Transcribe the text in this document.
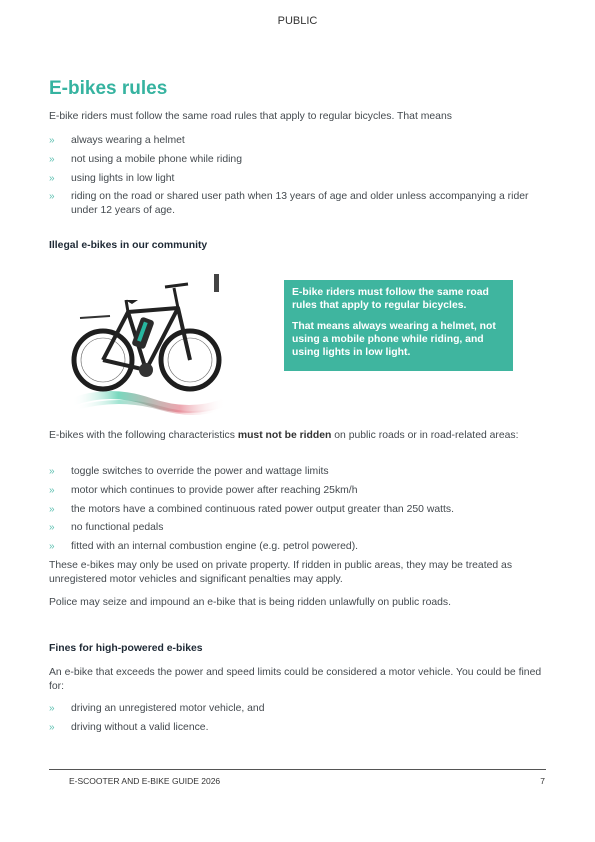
PUBLIC
E-bikes rules

E-bike riders must follow the same road rules that apply to regular bicycles. That means

» always wearing a helmet
» not using a mobile phone while riding
» using lights in low light
» riding on the road or shared user path when 13 years of age and older unless accompanying a rider under 12 years of age.
Illegal e-bikes in our community

E-bike riders must follow the same road rules that apply to regular bicycles.

That means always wearing a helmet, not using a mobile phone while riding, and using lights in low light.

E-bikes with the following characteristics must not be ridden on public roads or in road-related areas:

» toggle switches to override the power and wattage limits
» motor which continues to provide power after reaching 25km/h
» the motors have a combined continuous rated power output greater than 250 watts.
» no functional pedals
» fitted with an internal combustion engine (e.g. petrol powered).

These e-bikes may only be used on private property. If ridden in public areas, they may be treated as unregistered motor vehicles and significant penalties may apply.

Police may seize and impound an e-bike that is being ridden unlawfully on public roads.

Fines for high-powered e-bikes

An e-bike that exceeds the power and speed limits could be considered a motor vehicle. You could be fined for:

» driving an unregistered motor vehicle, and
» driving without a valid licence.
E-SCOOTER AND E-BIKE GUIDE 2026	7
